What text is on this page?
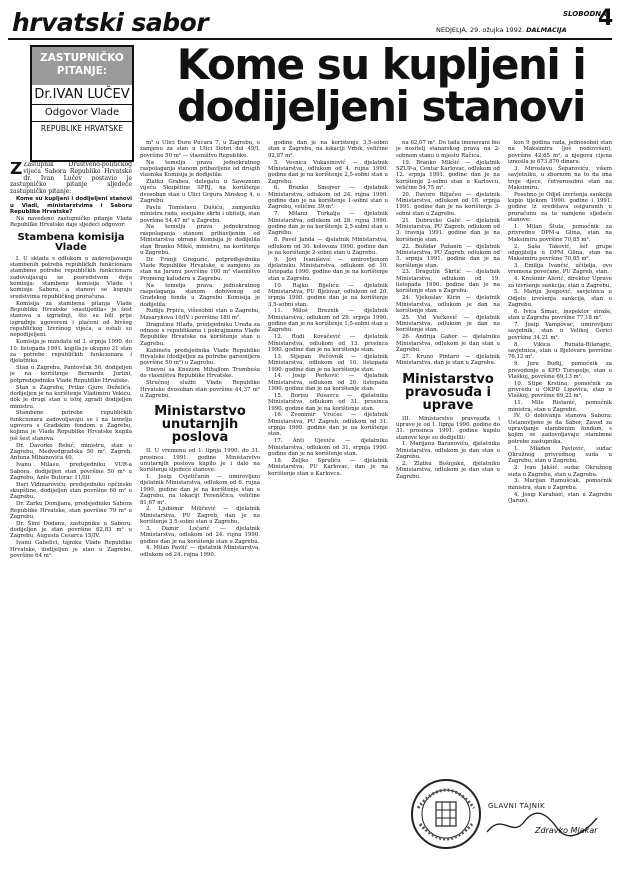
hrvatski sabor	SLOBODNA
4
NEDJELJA, 29. ožujka 1992. DALMACIJA
ZASTUPNIČKO PITANJE:
Dr.IVAN LUČEV
Odgovor Vlade
REPUBLIKE HRVATSKE
Kome su kupljeni i dodijeljeni stanovi

Z Zastupnik Društveno-političkog vijeća Sabora Republike Hrvatske dr. Ivan Lučev postavio je zastupničko pitanje sljedeće zastupničko pitanje:

Kome su kupljeni i dodijeljeni stanovi u Vladi, ministarstvima i Saboru Republike Hrvatske?

Na navedeno zastupničko pitanje Vlada Republike Hrvatske daje sljedeći odgovor:

Stambena komisija Vlade

I. U skladu s odlukom o zadovoljavanju stambenih potreba republičkih funkcionara stambene potrebe republičkih funkcionara zadovoljavaju se posredstvom dviju komisija: stambene komisije Vlade i komisije Sabora, a stanovi se kupuju sredstvima republičkog proračuna.

Komisija za stambena pitanja Vlade Republike Hrvatske »nastijedila« je šest stanova u izgradnji, što su bili prije izgradnje ugovoreni i plaćeni od bivšeg republičkog Izvršnog vijeća, a ostali su nepodijeljeni.

Komisija je mandatu od 3. srpnja 1990. do 10. listopada 1991. kupila je ukupno 21 stan za potrebe republičkih funkcionara i djelatnika.

Stan u Zagrebu, Pantovčak 56, dodijeljen je na korištenje Bernardu Jurlini, potpredsjedniku Vlade Republike Hrvatske.

Stan u Zagrebu, Prilaz Gjure Deželića, dodijeljen je na korištenje Vladimiru Vekiću, dok je drugi stan u istoj zgradi dodijeljen ministru.

Stambene potrebe republičkih funkcionara zadovoljavaju se i na temelju ugovora s Gradskim fondom u Zagrebu, kojima je Vlada Republike Hrvatske kupila još šest stanova.

Dr. Davorko Rebić, ministru, stan u Zagrebu, Medvedgradska 50 m², Zagreb, Antuna Mihanovića 40.

Ivanu Milasu, predsjedniku VUR-a Sabora, dodijeljen stan površine 50 m² u Zagrebu, Ante Butorac 11/III.

Đuri Vidmaroviću, predsjedniku općinske skupštine, dodijeljen stan površine 60 m² u Zagrebu.

Dr. Zarku Domljanu, predsjedniku Sabora Republike Hrvatske, stan površine 79 m² u Zagrebu.

Dr. Šimi Đodanu, zastupniku u Saboru, dodijeljen je stan površine 62,83 m² u Zagrebu, Augusta Cesarca 15/IV.

Ivanu Gabelici, tajniku Vlade Republike Hrvatske, dodijeljen je stan u Zagrebu, površine 64 m².

m² u Ulici Đure Pucara 7, u Zagrebu, u zamjenu za stan u Ulici Dobri dol 49/I, površine 50 m² — vlasništvo Republike.

Na temelju prava jednokratnog raspolaganja stanom pribavljene od drugih vlasnika Komisija je dodijelila:

Zlatku Grabeu, delegatu u Saveznom vijeću Skupštine SFRJ, na korištenje dvosoban stan u Ulici Grgura Ninskog 4, u Zagrebu.

Pavlu Tomislavu Dušiću, zamjeniku ministra rada, socijalne skrbi i obitelji, stan površine 54,47 m² u Zagrebu.

Na temelju prava jednokratnog raspolaganja stanom pribavljenim od Ministarstva obrane Komisija je dodijelila stan Branku Mikši, ministru, na korištenje u Zagrebu.

Dr. Franji Gregurić, potpredsjedniku Vlade Republike Hrvatske, u zamjenu za stan na Jarunu površine 100 m² vlasništvo Promeng kaluđera u Zagrebu.

Na temelju prava jednokratnog raspolaganja stanom dobivenog od Gradskog fonda u Zagrebu Komisija je dodijelila:

Rudiju Prpiću, višesobni stan u Zagrebu, Masarykova 10/IV i površine 180 m².

Dragutinu Hlađu, predsjedniku Ureda za odnose s republikama i pokrajinama Vlade Republike Hrvatske na korištenje stan u Zagrebu.

Kabinetu predsjednika Vlade Republike Hrvatske (dodijeljen za potrebe garsonijera površine 50 m²) u Zagrebu.

Dnevni sa Knezom Mihajlom Trumbuša do vlasništva Republike Hrvatske.

Stručnoj službi Vlade Republike Hrvatske dvosoban stan površine 44,37 m² u Zagrebu.

Ministarstvo unutarnjih poslova

II. U vremenu od 1. lipnja 1990. do 31. prosinca 1991. godine Ministarstvo unutarnjih poslova kupilo je i dalo na korištenje sljedeće stanove:

1. Josip Cvjetičanin — umirovljeni djelatnik Ministarstva, odlukom od 6. rujna 1990. godine dan je na korištenje stan u Zagrebu, na lokaciji Ferenščica, veličine 81,67 m².

2. Ljubomir Miličević — djelatnik Ministarstva, PU Zagreb, dan je na korištenje 3,5-sobni stan u Zagrebu.

3. Damir Ločarić — djelatnik Ministarstva, odlukom od 24. rujna 1990. godine dan je na korištenje stan u Zagrebu.

4. Milan Pavlić — djelatnik Ministarstva, odlukom od 24. rujna 1990.

godine dan je na korištenje 3,5-sobni stan u Zagrebu, na lokaciji Vrbik, veličine 92,87 m².

5. Vesnica Vukasinović — djelatnik Ministarstva, odlukom od 4. rujna 1990. godine dan je na korištenje 2,5-sobni stan u Zagrebu.

6. Branko Smojver — djelatnik Ministarstva, odlukom od 24. rujna 1990. godine dan je na korištenje 1-sobni stan u Zagrebu, veličine 39 m².

7. Milanu Turkalju — djelatnik Ministarstva, odlukom od 28. rujna 1990. godine dan je na korištenje 2,5-sobni stan u Zagrebu.

8. Pavel Janda — djelatnik Ministarstva, odlukom od 30. kolovoza 1990. godine dan je na korištenje 2-sobni stan u Zagrebu.

9. Jovi Ivanišević — umirovljenom djelatniku Ministarstva, odlukom od 10. listopada 1990. godine dan je na korištenje stan u Zagrebu.

10. Rajku Bijeliću — djelatnik Ministarstva, PU Bjelovar, odlukom od 20. srpnja 1990. godine dan je na korištenje 3,5-sobni stan.

11. Miloš Breznik — djelatnik Ministarstva, odlukom od 29. srpnja 1990. godine dan je na korištenje 1,5-sobni stan u Zagrebu.

12. Rudi Kovačević — djelatnik Ministarstva, odlukom od 13. prosinca 1990. godine dan je na korištenje stan.

13. Stjepan Pečovnik — djelatnik Ministarstva, odlukom od 10. listopada 1990. godine dan je na korištenje stan.

14. Josip Perković — djelatnik Ministarstva, odlukom od 26. listopada 1990. godine dan je na korištenje stan.

15. Borisu Posavcu — djelatniku Ministarstva, odlukom od 31. prosinca 1990. godine dan je na korištenje stan.

16. Zvonimir Vrućec — djelatnik Ministarstva, PU Zagreb, odlukom od 31. srpnja 1990. godine dan je na korištenje stan.

17. Anti Ujeviću — djelatniku Ministarstva, odlukom od 31. srpnja 1990. godine dan je na korištenje stan.

18. Željko Spruliću — djelatnik Ministarstva, PU Karlovac, dan je na korištenje stan u Karlovcu.

na 62,07 m². Do tada imenovani bio je nositelj stanarskog prava na 2-sobnom stanu u mjestu Račica.

19. Branko Mikšić — djelatnik SZUP-a, Centar Karlovac, odlukom od 12. srpnja 1991. godine dan je na korištenje 2-sobni stan u Karlovcu, veličine 54,75 m².

20. Davoro Biljačeo — djelatnik Ministarstva, odlukom od 18. srpnja 1991. godine dan je na korištenje 3-sobni stan u Zagrebu.

21. Dubravko Galić — djelatnik Ministarstva, PU Zagreb, odlukom od 3. travnja 1991. godine dan je na korištenje stan.

22. Božidar Pažanin — djelatnik Ministarstva, PU Zagreb, odlukom od 3. srpnja 1991. godine dan je na korištenje stan.

23. Dragutin Škrtić — djelatnik Ministarstva, odlukom od 19. listopada 1990. godine dan je na korištenje stan u Zagrebu.

24. Vjekoslav Kirin — djelatnik Ministarstva, odlukom je dan na korištenje stan.

25. Vid Vučković — djelatnik Ministarstva, odlukom je dan na korištenje stan.

26. Andrija Gabor — djelatniku Ministarstva, odlukom je dan stan u Zagrebu.

27. Kruno Pintaro — djelatnik Ministarstva, dan je stan u Zagrebu.

Ministarstvo pravosuđa i uprave

III. Ministarstvo pravosuđa i uprave je od 1. lipnja 1990. godine do 31. prosinca 1991. godine kupilo stanove koje su dodijelili:

1. Marijanu Baranoviću, djelatniku Ministarstva, odlukom je dan stan u Zagrebu.

2. Zlatku Bošnjaku, djelatniku Ministarstva, odlukom je dan stan u Zagrebu.

kon 9 godina rada, jednosobni stan na Maksimiru (još nedovršen), površine 42,65 m², a njegova cijena iznosila je 673.870 dinara.

3. Miroslavu Šeparoviću, višem savjetniku, u zbornom na to da ima troje djece, četverosobni stan na Maksimiru.

Posebno je Odjel izvršenja sankcija kupio tijekom 1990. godine i 1991. godine iz sredstava osiguranih u proračunu za te namjene sljedeće stanove:

1. Milan Štula, pomoćnik za privrednu DPM-a Glina, stan na Maksimiru površine 70,85 m².

2. Saša Taković, šef grupe odgojitelja u DPM Glina, stan na Maksimiru površine 70,85 m².

3. Emilija Ivančić, učitelja, ovo vremena povećane, PU Zagreb, stan.

4. Krešimir Alerić, direktor Uprave za izvršenje sankcija, stan u Zagrebu.

5. Marija Josipović, savjetnica u Odjelu izvršenja sankcija, stan u Zagrebu.

6. Ivica Šimac, inspektor straže, stan u Zagrebu površine 77,18 m².

7. Josip Vampovac, umirovljeni savjetnik, stan u Velikoj Gorici površine 34,21 m².

8. Vikica Runata-Bilaragić, savjetnica, stan u Bjelovaru površine 76,12 m².

9. Jure Buđij, pomoćnik za prevodenje u KPD Turopolje, stan u Vlaškoj, površine 69,13 m².

10. Stipe Krstina, pomoćnik za privredu u OKPD Lipovica, stan u Vlaškoj, površine 69,22 m².

11. Mile Ristanić, pomoćnik ministra, stan u Zagrebu.

IV. O dobivanju stanova Sabora: Ustanovljeno je da Sabor, Zavod za upravljanje stambenim fondom, s kojim se zadovoljavaju stambene potrebe zastupnika.

1. Mladen Pavlović, sudac Okružnog privrednog suda u Zagrebu, stan u Zagrebu.

2. Ivan Jakšić, sudac Okružnog suda u Zagrebu, stan u Zagrebu.

3. Marijan Ramušćak, pomoćnik ministra, stan u Zagrebu.

4. Josip Karabaić, stan u Zagrebu (Jarun).

GLAVNI TAJNIK
Zdravko Mlakar
